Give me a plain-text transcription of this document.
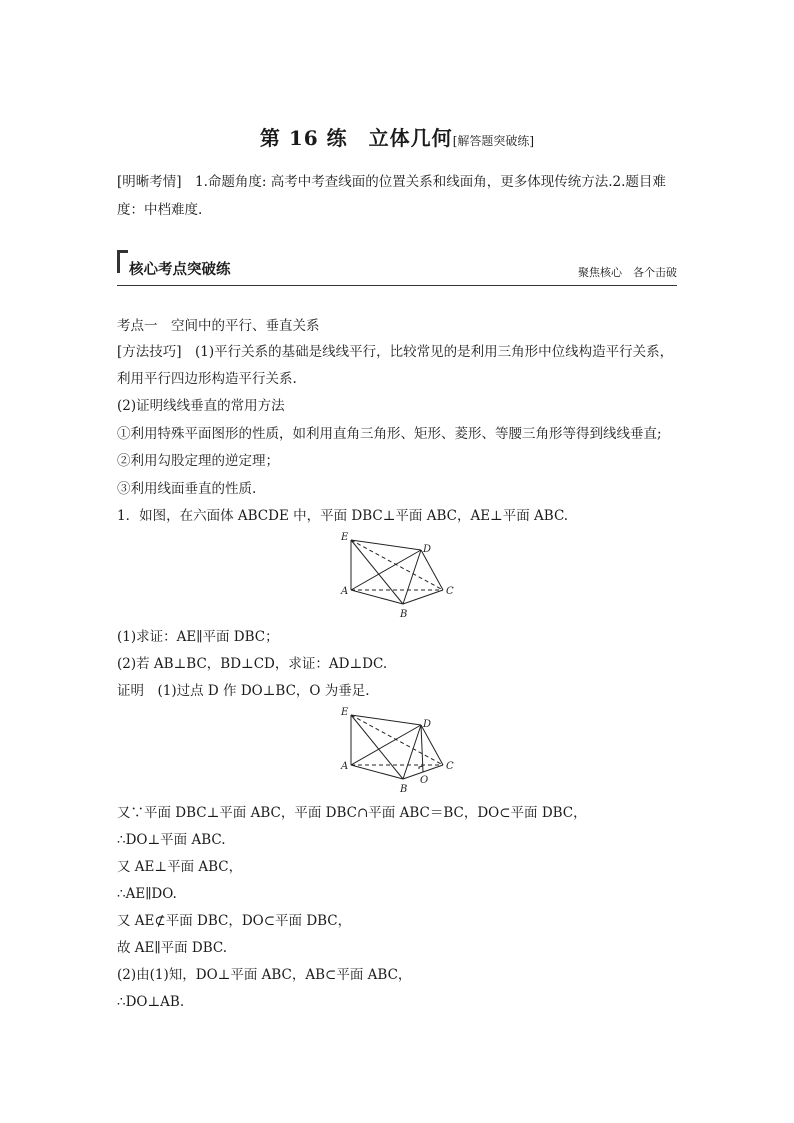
第 16 练　立体几何[解答题突破练]
[明晰考情]　1.命题角度: 高考中考查线面的位置关系和线面角，更多体现传统方法.2.题目难
度：中档难度.
核心考点突破练	聚焦核心　各个击破
考点一　空间中的平行、垂直关系
[方法技巧]　(1)平行关系的基础是线线平行，比较常见的是利用三角形中位线构造平行关系，
利用平行四边形构造平行关系.
(2)证明线线垂直的常用方法
①利用特殊平面图形的性质，如利用直角三角形、矩形、菱形、等腰三角形等得到线线垂直;
②利用勾股定理的逆定理；
③利用线面垂直的性质.
1．如图，在六面体 ABCDE 中，平面 DBC⊥平面 ABC，AE⊥平面 ABC.
E
D
A
B
C
(1)求证：AE∥平面 DBC；
(2)若 AB⊥BC，BD⊥CD，求证：AD⊥DC.
证明　(1)过点 D 作 DO⊥BC，O 为垂足.
E
D
A
B
C
O
又∵平面 DBC⊥平面 ABC，平面 DBC∩平面 ABC＝BC，DO⊂平面 DBC，
∴DO⊥平面 ABC.
又 AE⊥平面 ABC，
∴AE∥DO.
又 AE⊄平面 DBC，DO⊂平面 DBC，
故 AE∥平面 DBC.
(2)由(1)知，DO⊥平面 ABC，AB⊂平面 ABC，
∴DO⊥AB.
